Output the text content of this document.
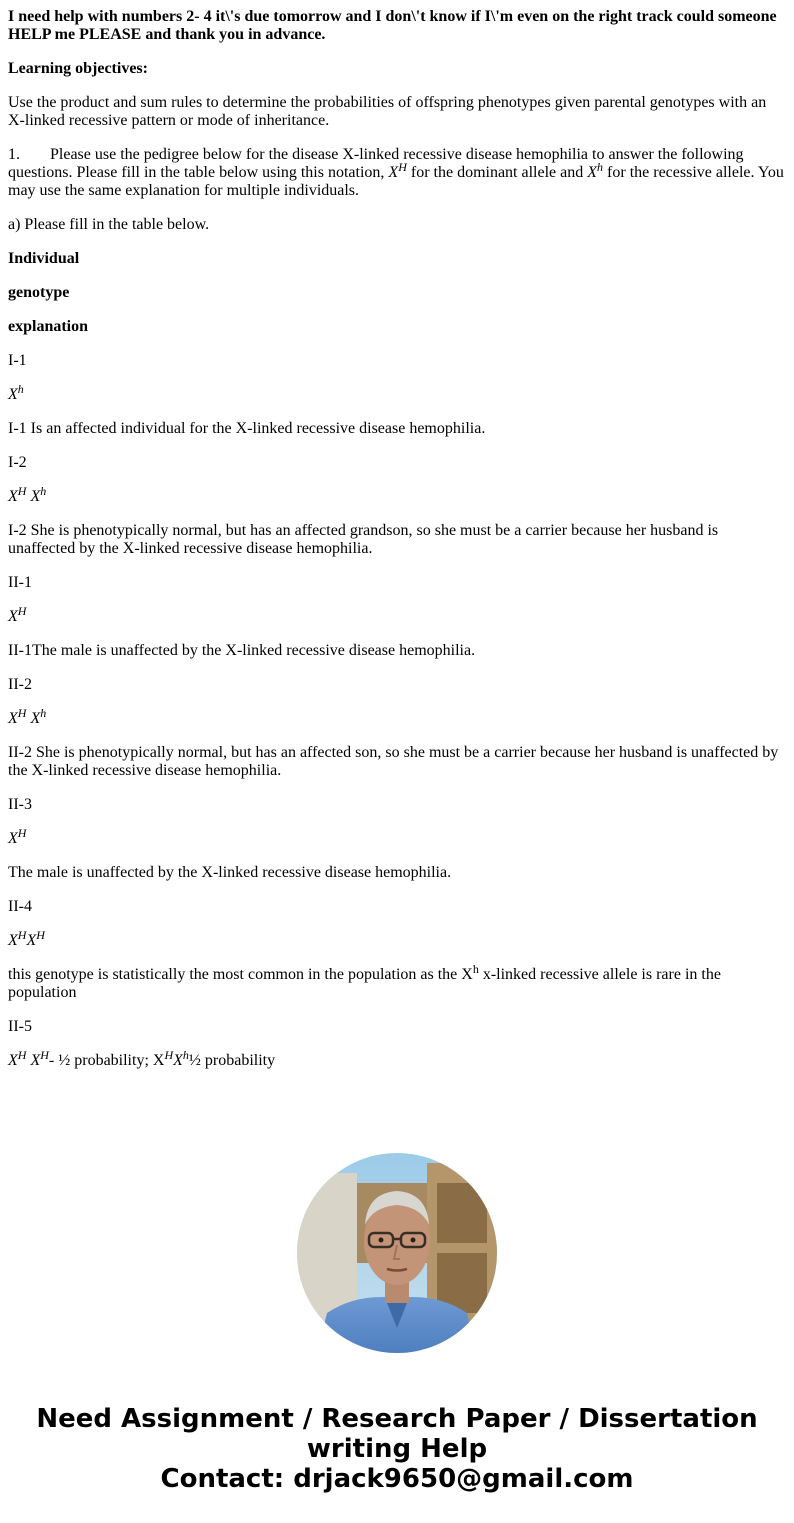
I need help with numbers 2- 4 it\'s due tomorrow and I don\'t know if I\'m even on the right track could someone HELP me PLEASE and thank you in advance.

Learning objectives:

Use the product and sum rules to determine the probabilities of offspring phenotypes given parental genotypes with an X-linked recessive pattern or mode of inheritance.

1. Please use the pedigree below for the disease X-linked recessive disease hemophilia to answer the following questions. Please fill in the table below using this notation, $X^H$ for the dominant allele and $X^h$ for the recessive allele. You may use the same explanation for multiple individuals.

a) Please fill in the table below.

Individual

genotype

explanation

I-1

$X^h$

I-1 Is an affected individual for the X-linked recessive disease hemophilia.

I-2

$X^H$ $X^h$

I-2 She is phenotypically normal, but has an affected grandson, so she must be a carrier because her husband is unaffected by the X-linked recessive disease hemophilia.

II-1

$X^H$

II-1The male is unaffected by the X-linked recessive disease hemophilia.

II-2

$X^H$ $X^h$

II-2 She is phenotypically normal, but has an affected son, so she must be a carrier because her husband is unaffected by the X-linked recessive disease hemophilia.

II-3

$X^H$

The male is unaffected by the X-linked recessive disease hemophilia.

II-4

$X^HX^H$

this genotype is statistically the most common in the population as the $X^h$ x-linked recessive allele is rare in the population

II-5

$X^H$ $X^H-$ ½ probability; $X^HX^h\frac{1}{2}$ probability

Need Assignment / Research Paper / Dissertation
writing Help
Contact: drjack9650@gmail.com
